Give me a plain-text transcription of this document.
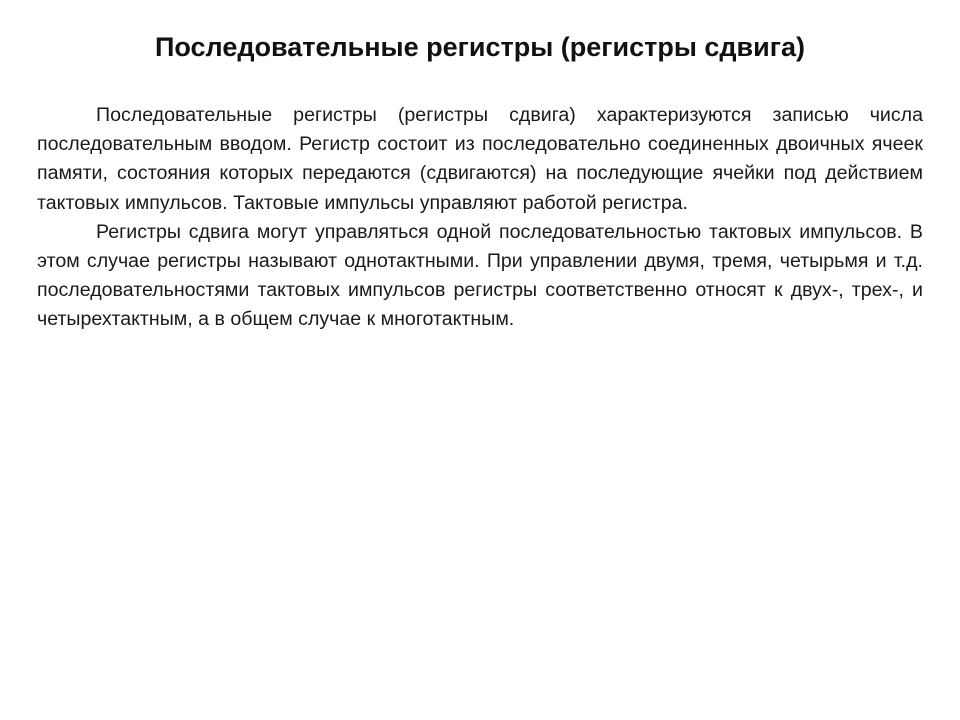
Последовательные регистры (регистры сдвига)

Последовательные регистры (регистры сдвига) характеризуются записью числа последовательным вводом. Регистр состоит из последовательно соединенных двоичных ячеек памяти, состояния которых передаются (сдвигаются) на последующие ячейки под действием тактовых импульсов. Тактовые импульсы управляют работой регистра.

Регистры сдвига могут управляться одной последовательностью тактовых импульсов. В этом случае регистры называют однотактными. При управлении двумя, тремя, четырьмя и т.д. последовательностями тактовых импульсов регистры соответственно относят к двух-, трех-, и четырехтактным, а в общем случае к многотактным.
